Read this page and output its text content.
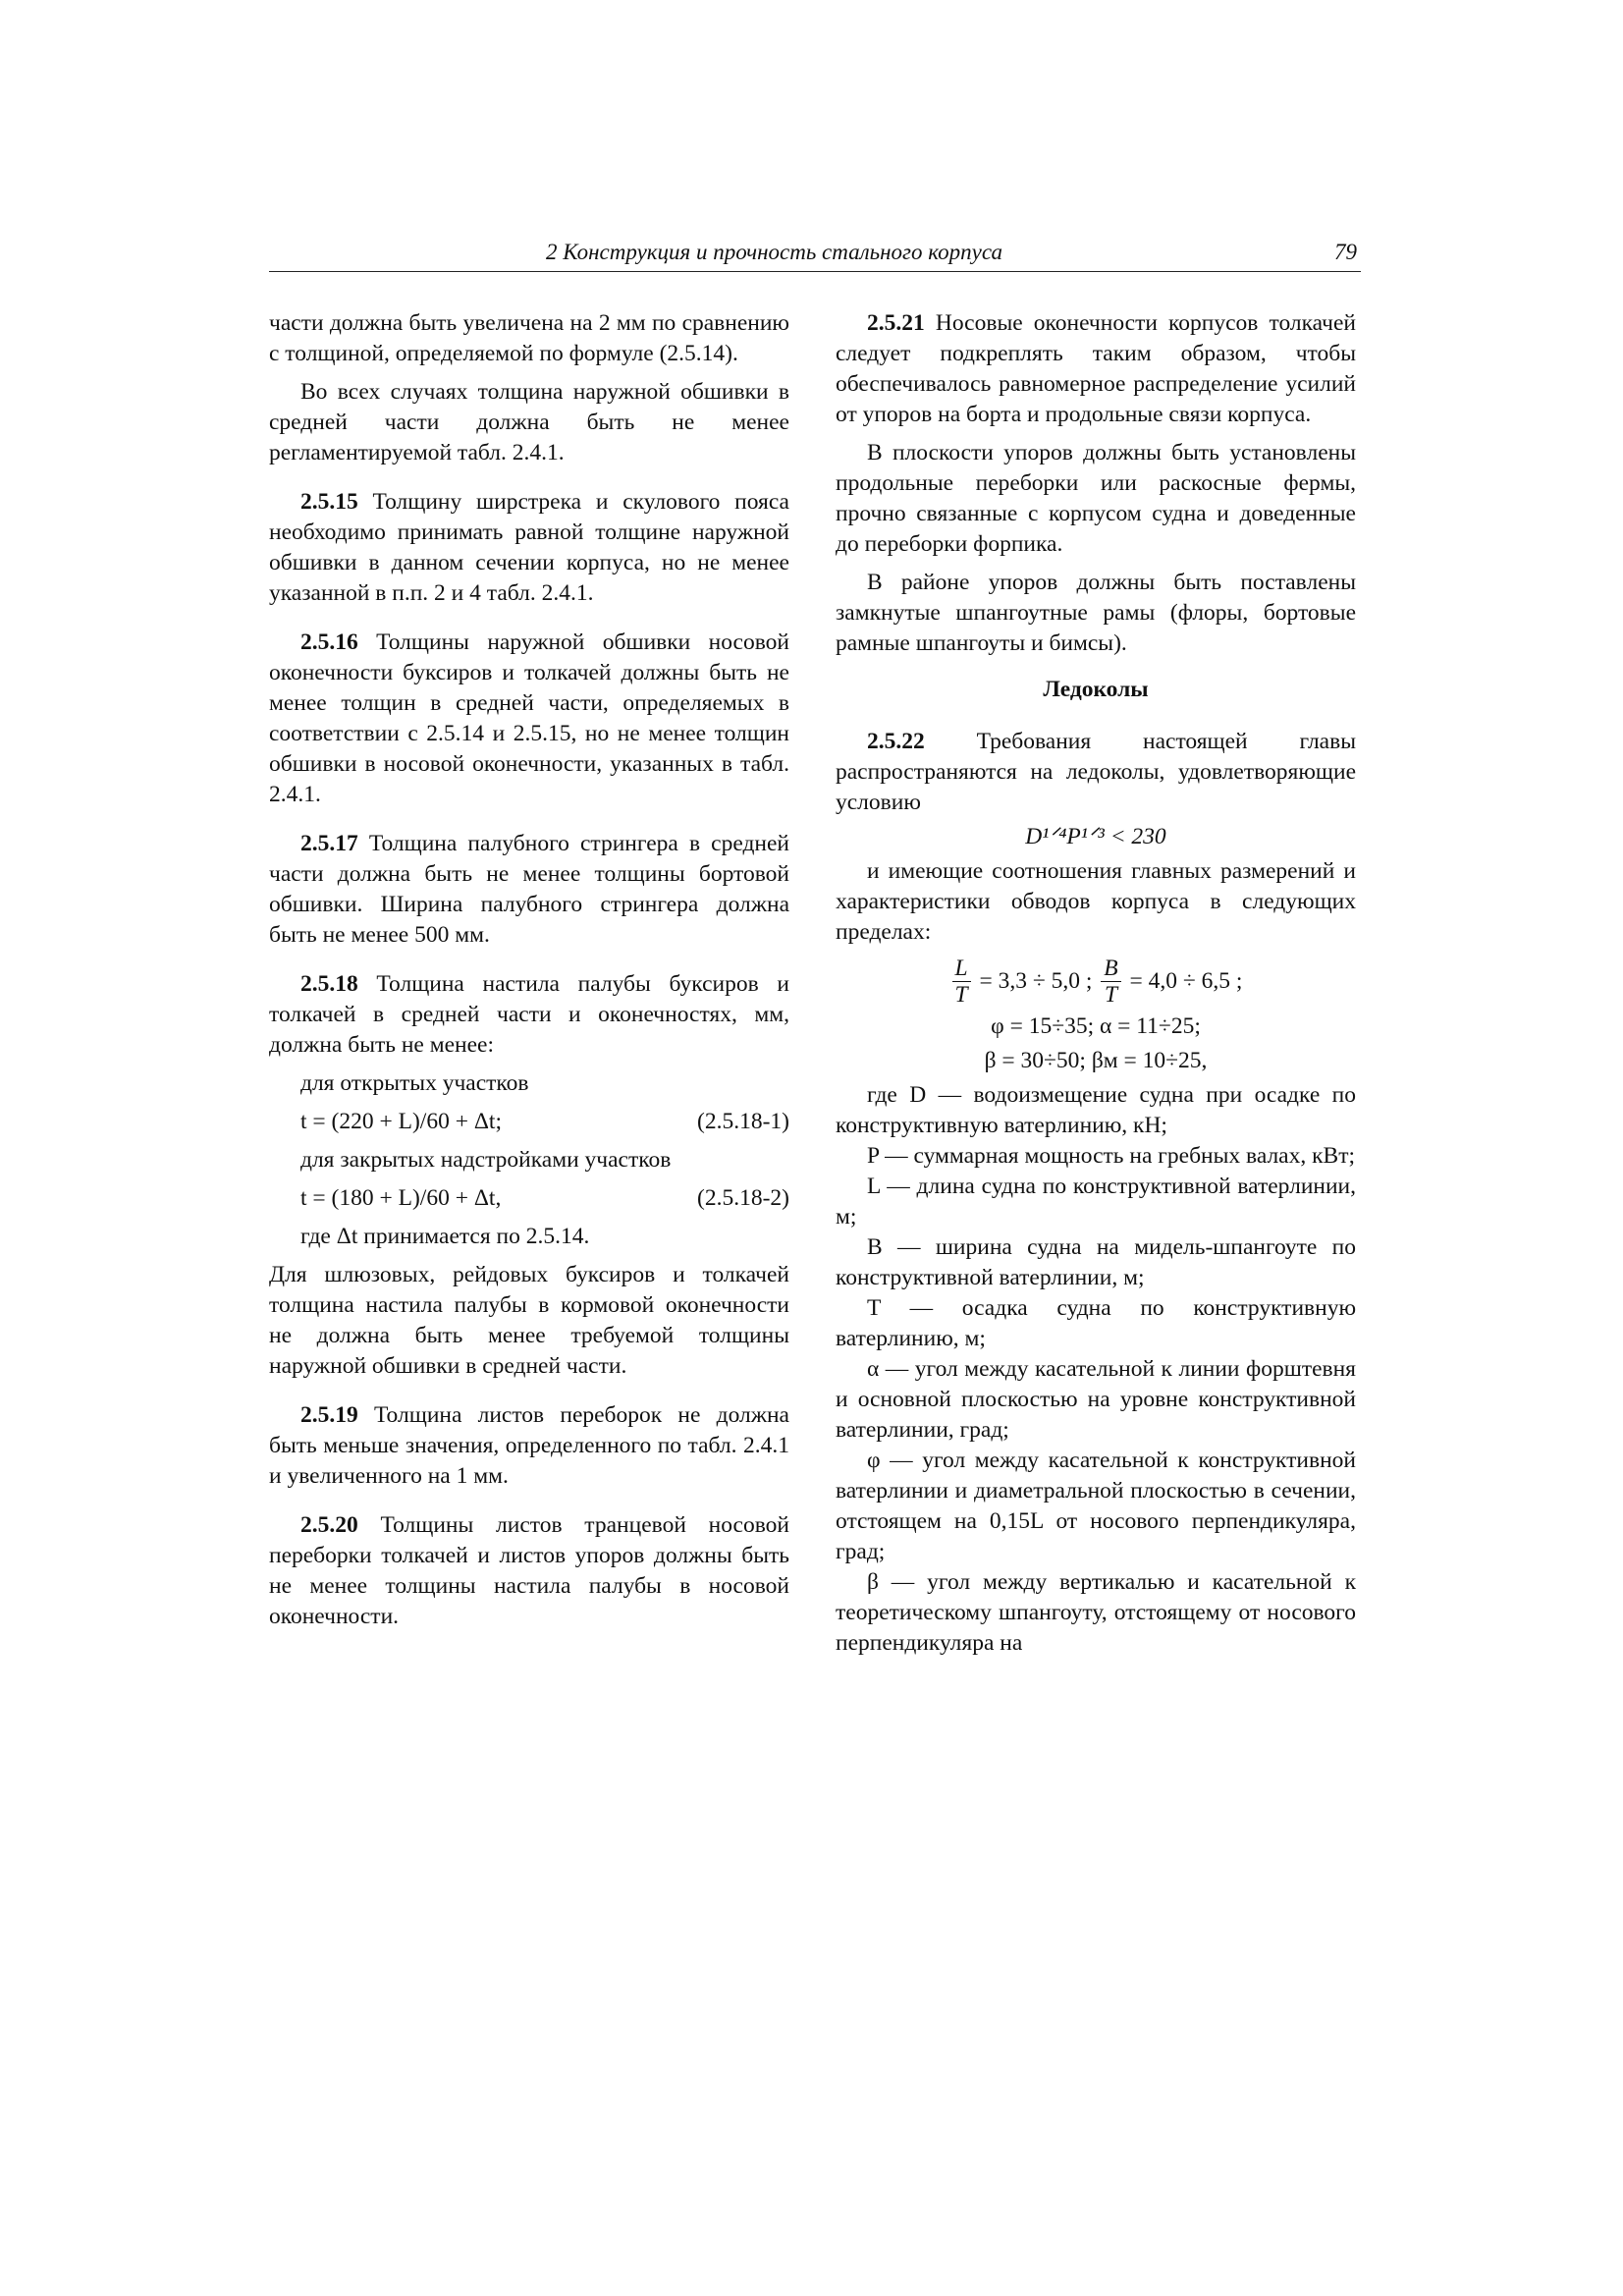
2 Конструкция и прочность стального корпуса	79

части должна быть увеличена на 2 мм по сравнению с толщиной, определяемой по формуле (2.5.14).

Во всех случаях толщина наружной обшивки в средней части должна быть не менее регламентируемой табл. 2.4.1.

2.5.15 Толщину ширстрека и скулового пояса необходимо принимать равной толщине наружной обшивки в данном сечении корпуса, но не менее указанной в п.п. 2 и 4 табл. 2.4.1.

2.5.16 Толщины наружной обшивки носовой оконечности буксиров и толкачей должны быть не менее толщин в средней части, определяемых в соответствии с 2.5.14 и 2.5.15, но не менее толщин обшивки в носовой оконечности, указанных в табл. 2.4.1.

2.5.17 Толщина палубного стрингера в средней части должна быть не менее толщины бортовой обшивки. Ширина палубного стрингера должна быть не менее 500 мм.

2.5.18 Толщина настила палубы буксиров и толкачей в средней части и оконечностях, мм, должна быть не менее:

для открытых участков

t = (220 + L)/60 + Δt;	(2.5.18-1)

для закрытых надстройками участков

t = (180 + L)/60 + Δt,	(2.5.18-2)

где Δt принимается по 2.5.14.

Для шлюзовых, рейдовых буксиров и толкачей толщина настила палубы в кормовой оконечности не должна быть менее требуемой толщины наружной обшивки в средней части.

2.5.19 Толщина листов переборок не должна быть меньше значения, определенного по табл. 2.4.1 и увеличенного на 1 мм.

2.5.20 Толщины листов транцевой носовой переборки толкачей и листов упоров должны быть не менее толщины настила палубы в носовой оконечности.

2.5.21 Носовые оконечности корпусов толкачей следует подкреплять таким образом, чтобы обеспечивалось равномерное распределение усилий от упоров на борта и продольные связи корпуса.

В плоскости упоров должны быть установлены продольные переборки или раскосные фермы, прочно связанные с корпусом судна и доведенные до переборки форпика.

В районе упоров должны быть поставлены замкнутые шпангоутные рамы (флоры, бортовые рамные шпангоуты и бимсы).

Ледоколы

2.5.22 Требования настоящей главы распространяются на ледоколы, удовлетворяющие условию

D¹ᐟ⁴P¹ᐟ³ < 230

и имеющие соотношения главных размерений и характеристики обводов корпуса в следующих пределах:

$\frac{L}{T} = 3,3 \div 5,0$ ; $\frac{B}{T} = 4,0 \div 6,5$ ;
φ = 15÷35; α = 11÷25;
β = 30÷50; βм = 10÷25,

где D — водоизмещение судна при осадке по конструктивную ватерлинию, кН;

P — суммарная мощность на гребных валах, кВт;

L — длина судна по конструктивной ватерлинии, м;

B — ширина судна на мидель-шпангоуте по конструктивной ватерлинии, м;

T — осадка судна по конструктивную ватерлинию, м;

α — угол между касательной к линии форштевня и основной плоскостью на уровне конструктивной ватерлинии, град;

φ — угол между касательной к конструктивной ватерлинии и диаметральной плоскостью в сечении, отстоящем на 0,15L от носового перпендикуляра, град;

β — угол между вертикалью и касательной к теоретическому шпангоуту, отстоящему от носового перпендикуляра на
